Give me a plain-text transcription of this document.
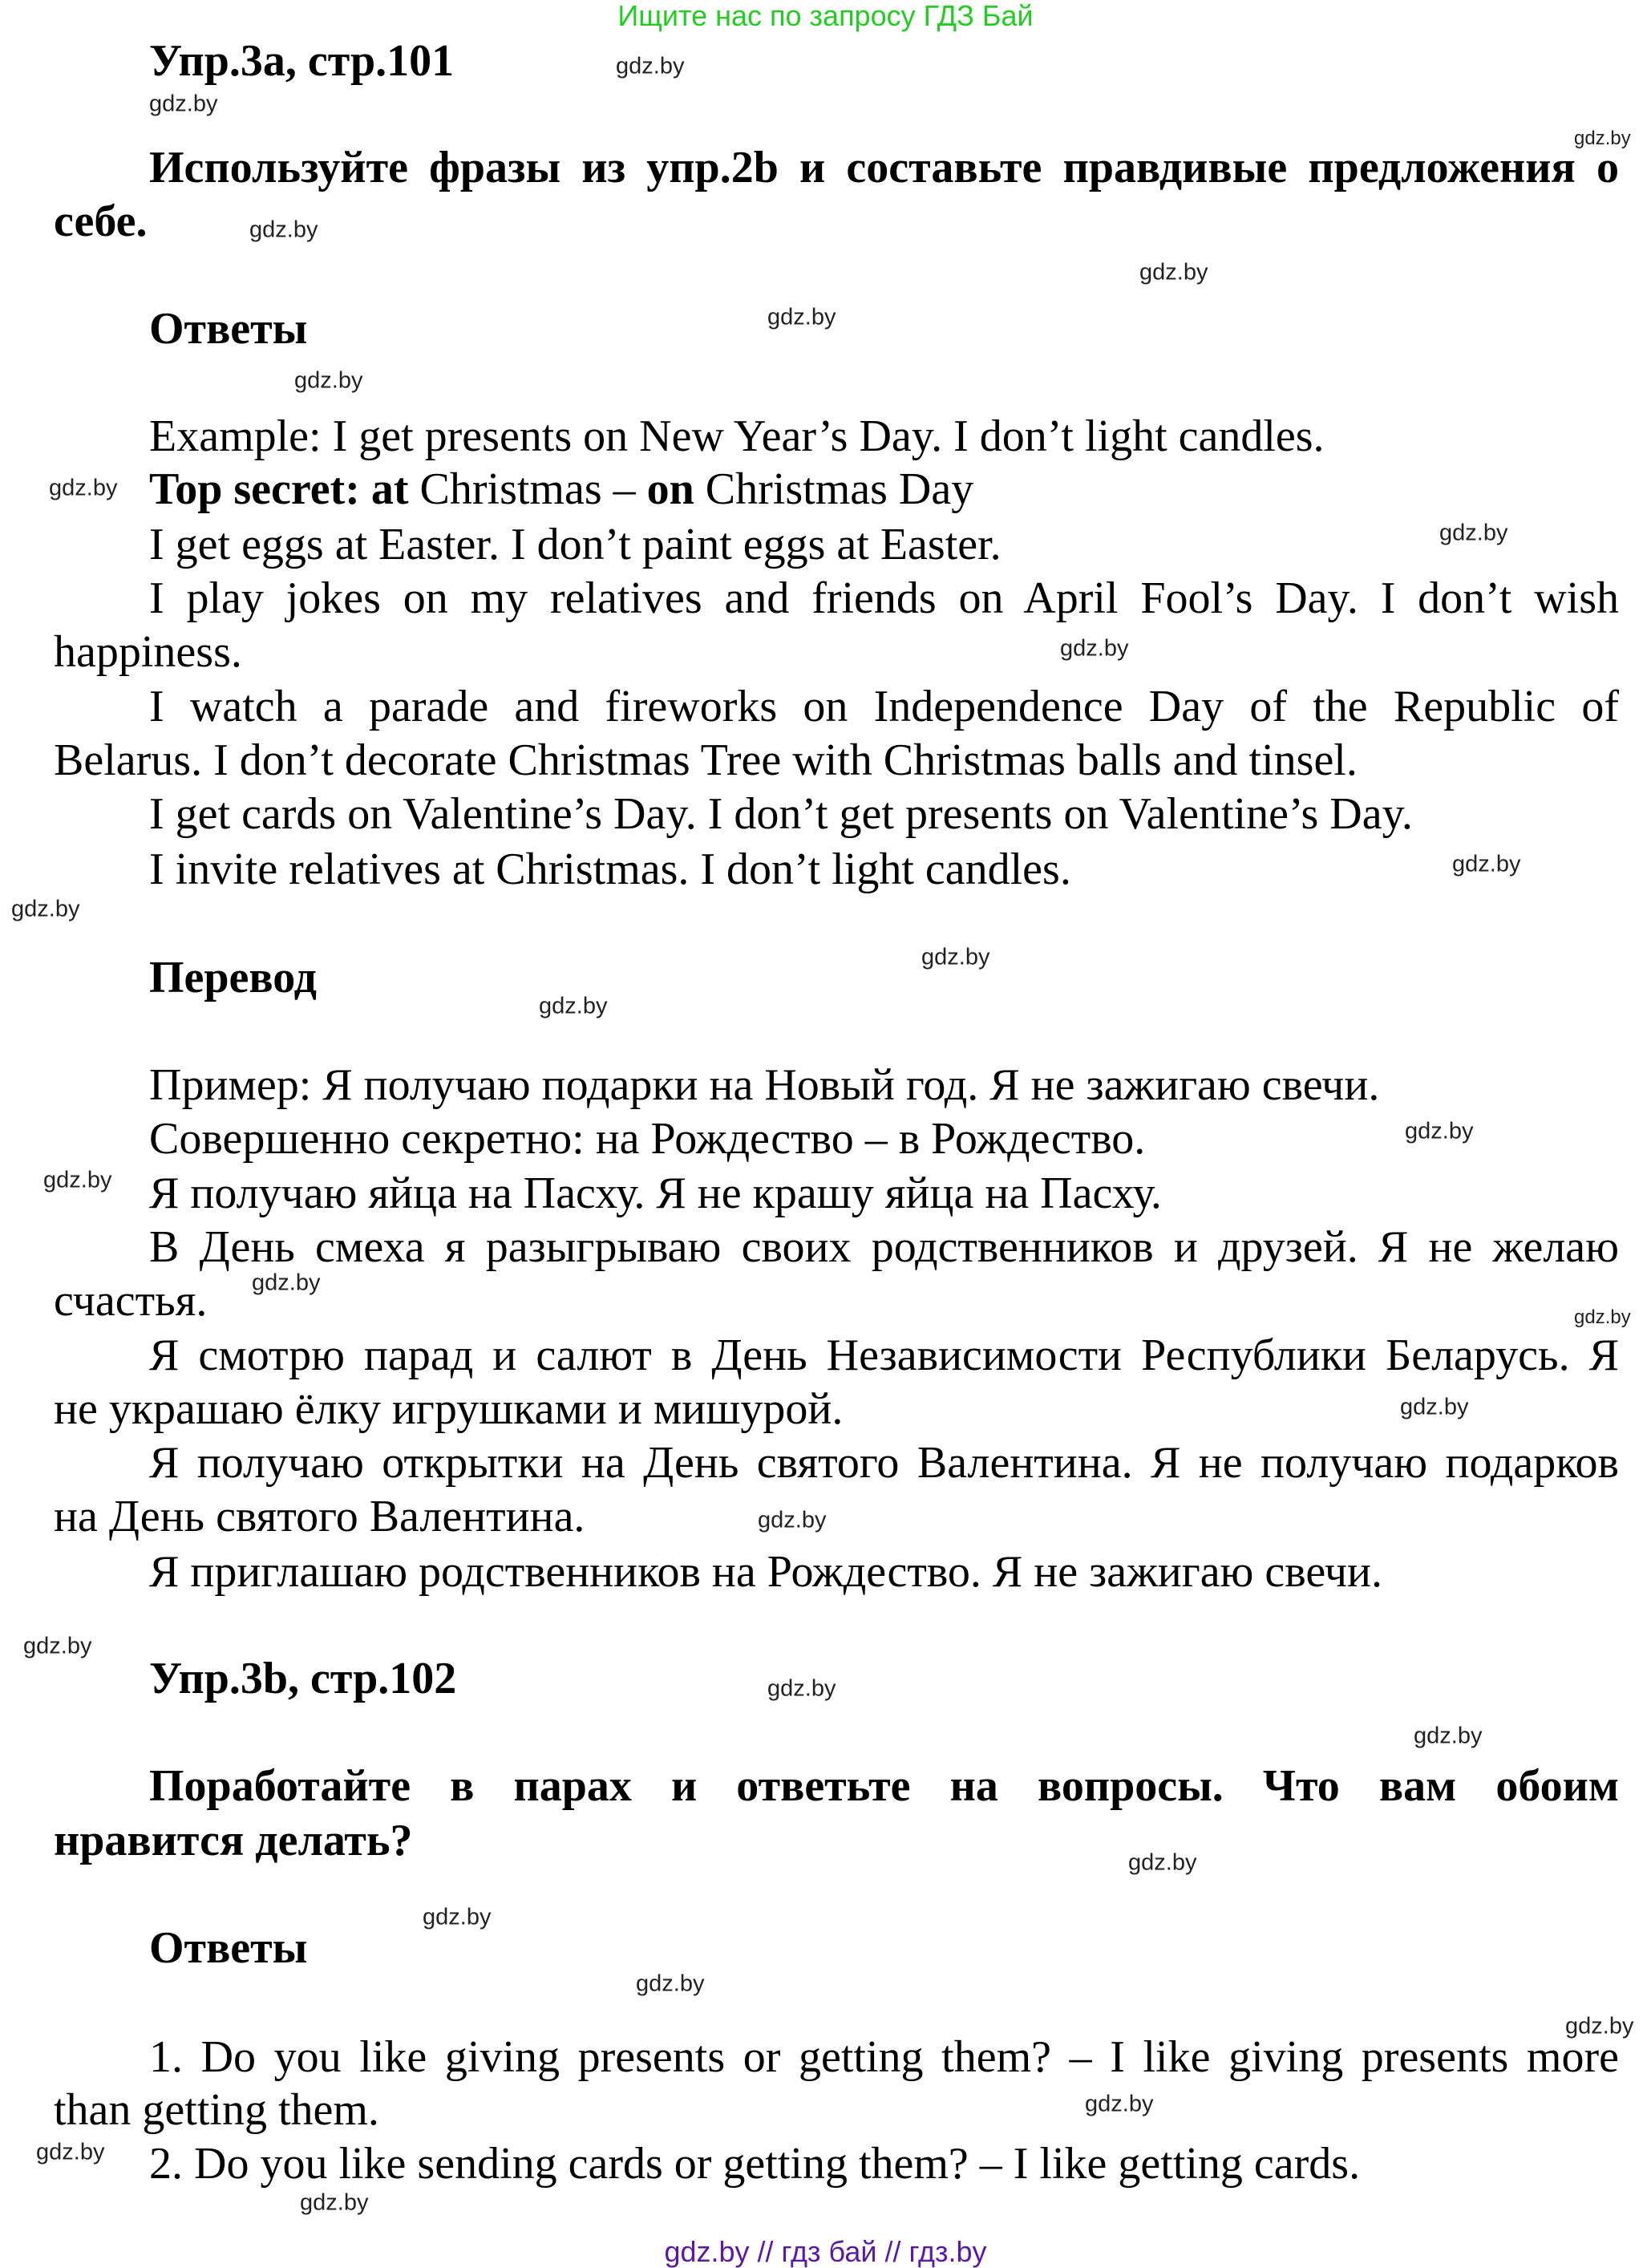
Ищите нас по запросу ГДЗ Бай
Упр.3а, стр.101
Используйте фразы из упр.2b и составьте правдивые предложения о
себе.
Ответы
Example: I get presents on New Year’s Day. I don’t light candles.
Top secret: at Christmas – on Christmas Day
I get eggs at Easter. I don’t paint eggs at Easter.
I play jokes on my relatives and friends on April Fool’s Day. I don’t wish
happiness.
I watch a parade and fireworks on Independence Day of the Republic of
Belarus. I don’t decorate Christmas Tree with Christmas balls and tinsel.
I get cards on Valentine’s Day. I don’t get presents on Valentine’s Day.
I invite relatives at Christmas. I don’t light candles.
Перевод
Пример: Я получаю подарки на Новый год. Я не зажигаю свечи.
Совершенно секретно: на Рождество – в Рождество.
Я получаю яйца на Пасху. Я не крашу яйца на Пасху.
В День смеха я разыгрываю своих родственников и друзей. Я не желаю
счастья.
Я смотрю парад и салют в День Независимости Республики Беларусь. Я
не украшаю ёлку игрушками и мишурой.
Я получаю открытки на День святого Валентина. Я не получаю подарков
на День святого Валентина.
Я приглашаю родственников на Рождество. Я не зажигаю свечи.
Упр.3b, стр.102
Поработайте в парах и ответьте на вопросы. Что вам обоим
нравится делать?
Ответы
1. Do you like giving presents or getting them? – I like giving presents more
than getting them.
2. Do you like sending cards or getting them? – I like getting cards.
gdz.by // гдз бай // гдз.by
gdz.by
gdz.by
gdz.by
gdz.by
gdz.by
gdz.by
gdz.by
gdz.by
gdz.by
gdz.by
gdz.by
gdz.by
gdz.by
gdz.by
gdz.by
gdz.by
gdz.by
gdz.by
gdz.by
gdz.by
gdz.by
gdz.by
gdz.by
gdz.by
gdz.by
gdz.by
gdz.by
gdz.by
gdz.by
gdz.by
